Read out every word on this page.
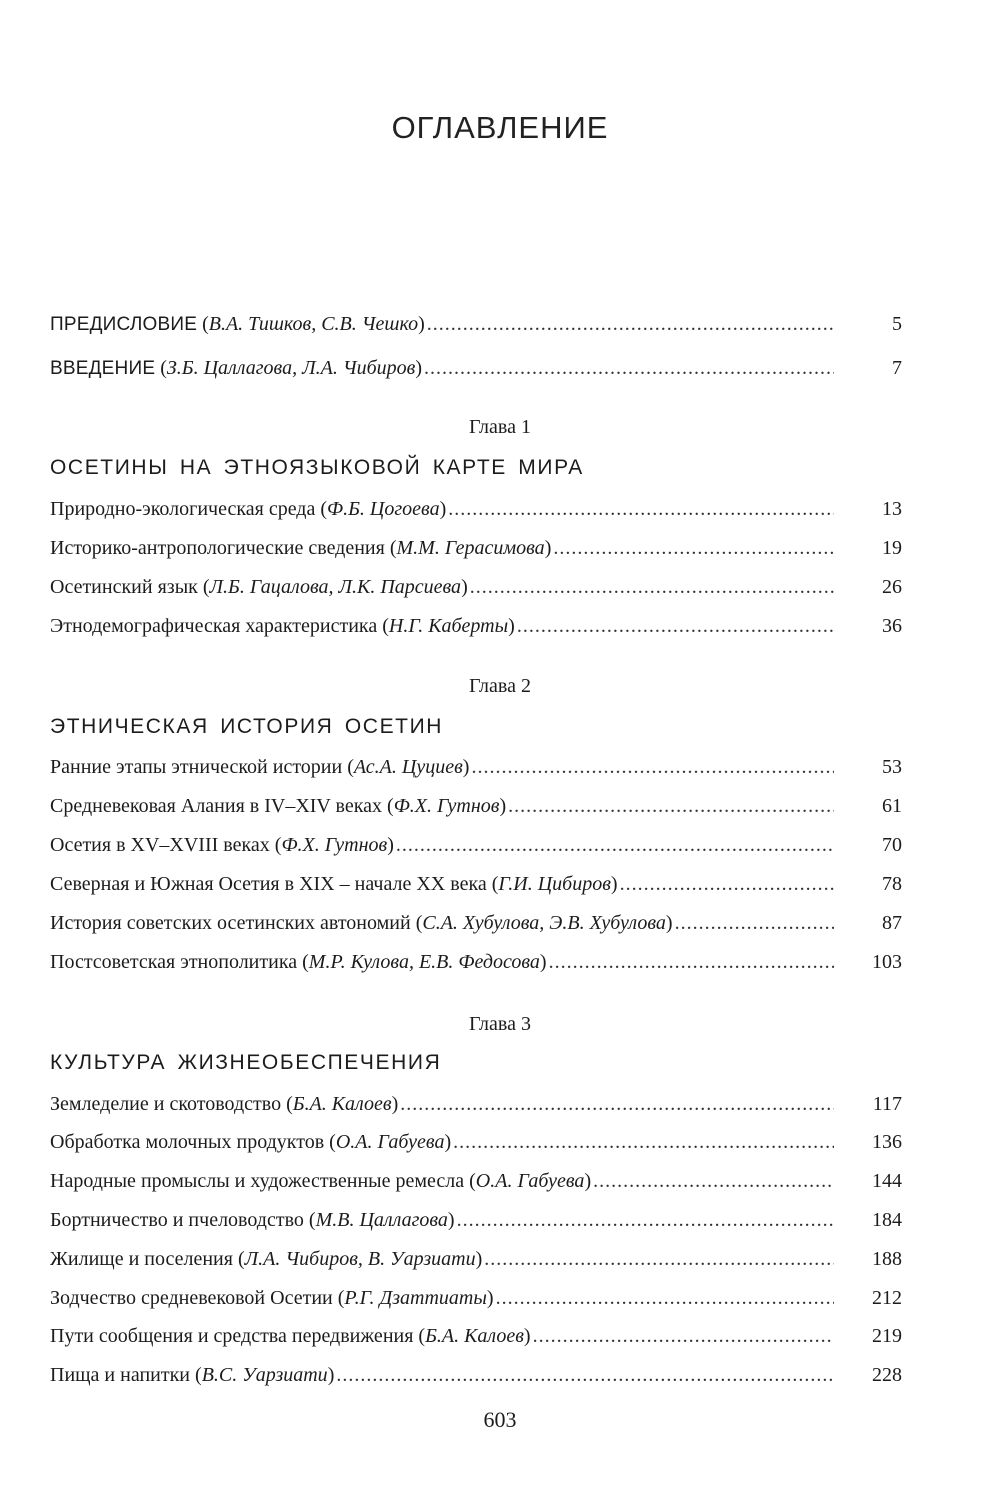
ОГЛАВЛЕНИЕ
ПРЕДИСЛОВИЕ ( В.А. Тишков, С.В. Чешко ) .....	5
ВВЕДЕНИЕ ( З.Б. Цаллагова, Л.А. Чибиров ) .....	7
Глава 1
ОСЕТИНЫ НА ЭТНОЯЗЫКОВОЙ КАРТЕ МИРА
Природно-экологическая среда ( Ф.Б. Цогоева ) .....	13
Историко-антропологические сведения ( М.М. Герасимова ) .....	19
Осетинский язык ( Л.Б. Гацалова, Л.К. Парсиева ) .....	26
Этнодемографическая характеристика ( Н.Г. Каберты ) .....	36
Глава 2
ЭТНИЧЕСКАЯ ИСТОРИЯ ОСЕТИН
Ранние этапы этнической истории ( Ас.А. Цуциев ) .....	53
Средневековая Алания в IV–XIV веках ( Ф.Х. Гутнов ) .....	61
Осетия в XV–XVIII веках ( Ф.Х. Гутнов ) .....	70
Северная и Южная Осетия в XIX – начале XX века ( Г.И. Цибиров ) .....	78
История советских осетинских автономий ( С.А. Хубулова, Э.В. Хубулова ) .....	87
Постсоветская этнополитика ( М.Р. Кулова, Е.В. Федосова ) .....	103
Глава 3
КУЛЬТУРА ЖИЗНЕОБЕСПЕЧЕНИЯ
Земледелие и скотоводство ( Б.А. Калоев ) .....	117
Обработка молочных продуктов ( О.А. Габуева ) .....	136
Народные промыслы и художественные ремесла ( О.А. Габуева ) .....	144
Бортничество и пчеловодство ( М.В. Цаллагова ) .....	184
Жилище и поселения ( Л.А. Чибиров, В. Уарзиати ) .....	188
Зодчество средневековой Осетии ( Р.Г. Дзаттиаты ) .....	212
Пути сообщения и средства передвижения ( Б.А. Калоев ) .....	219
Пища и напитки ( В.С. Уарзиати ) .....	228
603
